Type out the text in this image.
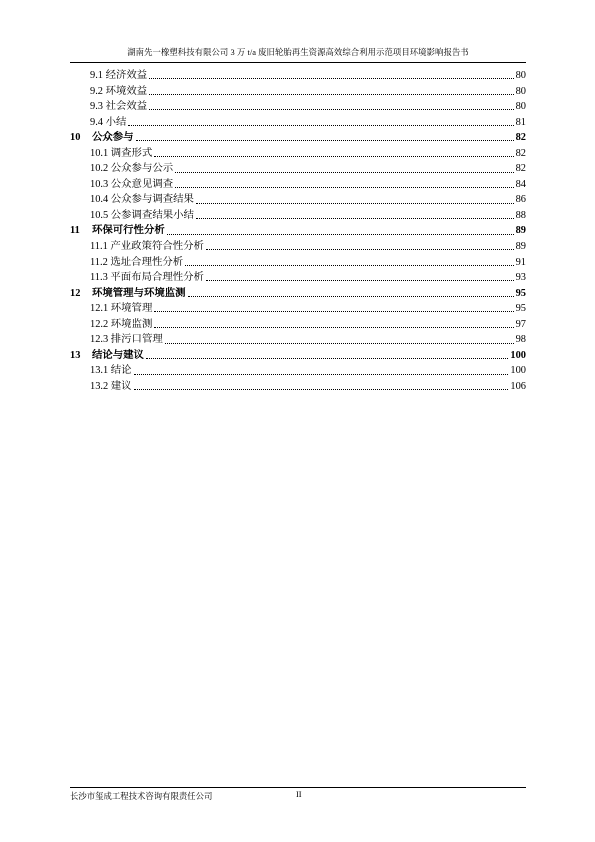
湖南先一橡塑科技有限公司 3 万 t/a 废旧轮胎再生资源高效综合利用示范项目环境影响报告书
9.1 经济效益	80
9.2 环境效益	80
9.3 社会效益	80
9.4 小结	81
10	公众参与	82
10.1 调查形式	82
10.2 公众参与公示	82
10.3 公众意见调查	84
10.4 公众参与调查结果	86
10.5 公参调查结果小结	88
11	环保可行性分析	89
11.1 产业政策符合性分析	89
11.2 选址合理性分析	91
11.3 平面布局合理性分析	93
12	环境管理与环境监测	95
12.1 环境管理	95
12.2 环境监测	97
12.3 排污口管理	98
13	结论与建议	100
13.1 结论	100
13.2 建议	106
长沙市玺成工程技术咨询有限责任公司	II
